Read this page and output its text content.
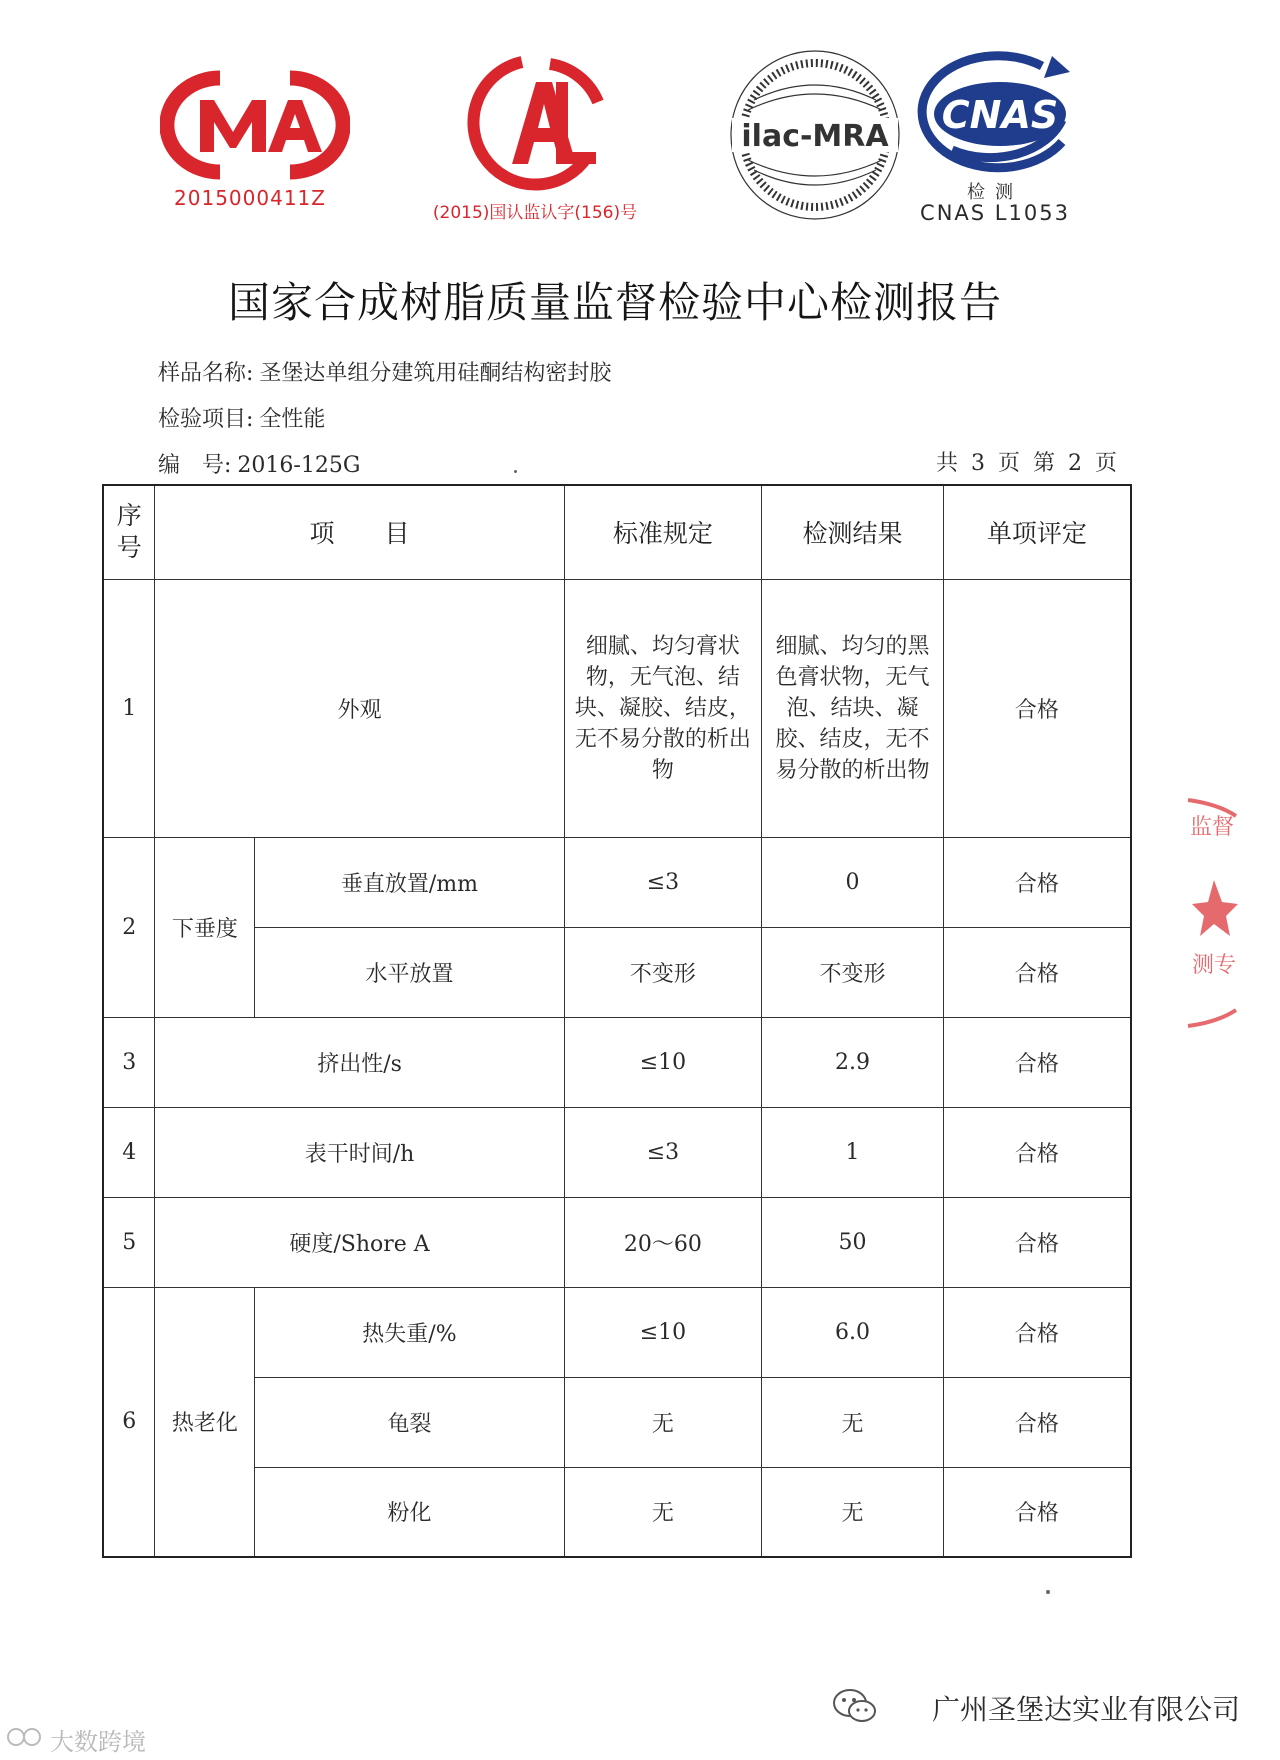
2015000411Z
(2015)国认监认字(156)号
ilac-MRA CNAS
检测
CNAS L1053
国家合成树脂质量监督检验中心检测报告
样品名称: 圣堡达单组分建筑用硅酮结构密封胶
检验项目: 全性能
编　号: 2016-125G	共 3 页 第 2 页
序号	项　　目		标准规定	检测结果	单项评定
1	外观		细腻、均匀膏状物，无气泡、结块、凝胶、结皮，无不易分散的析出物	细腻、均匀的黑色膏状物，无气泡、结块、凝胶、结皮，无不易分散的析出物	合格
2	下垂度	垂直放置/mm	≤3	0	合格
		水平放置	不变形	不变形	合格
3	挤出性/s		≤10	2.9	合格
4	表干时间/h		≤3	1	合格
5	硬度/Shore A		20～60	50	合格
6	热老化	热失重/%	≤10	6.0	合格
		龟裂	无	无	合格
		粉化	无	无	合格
监督
测专
广州圣堡达实业有限公司
大数跨境
